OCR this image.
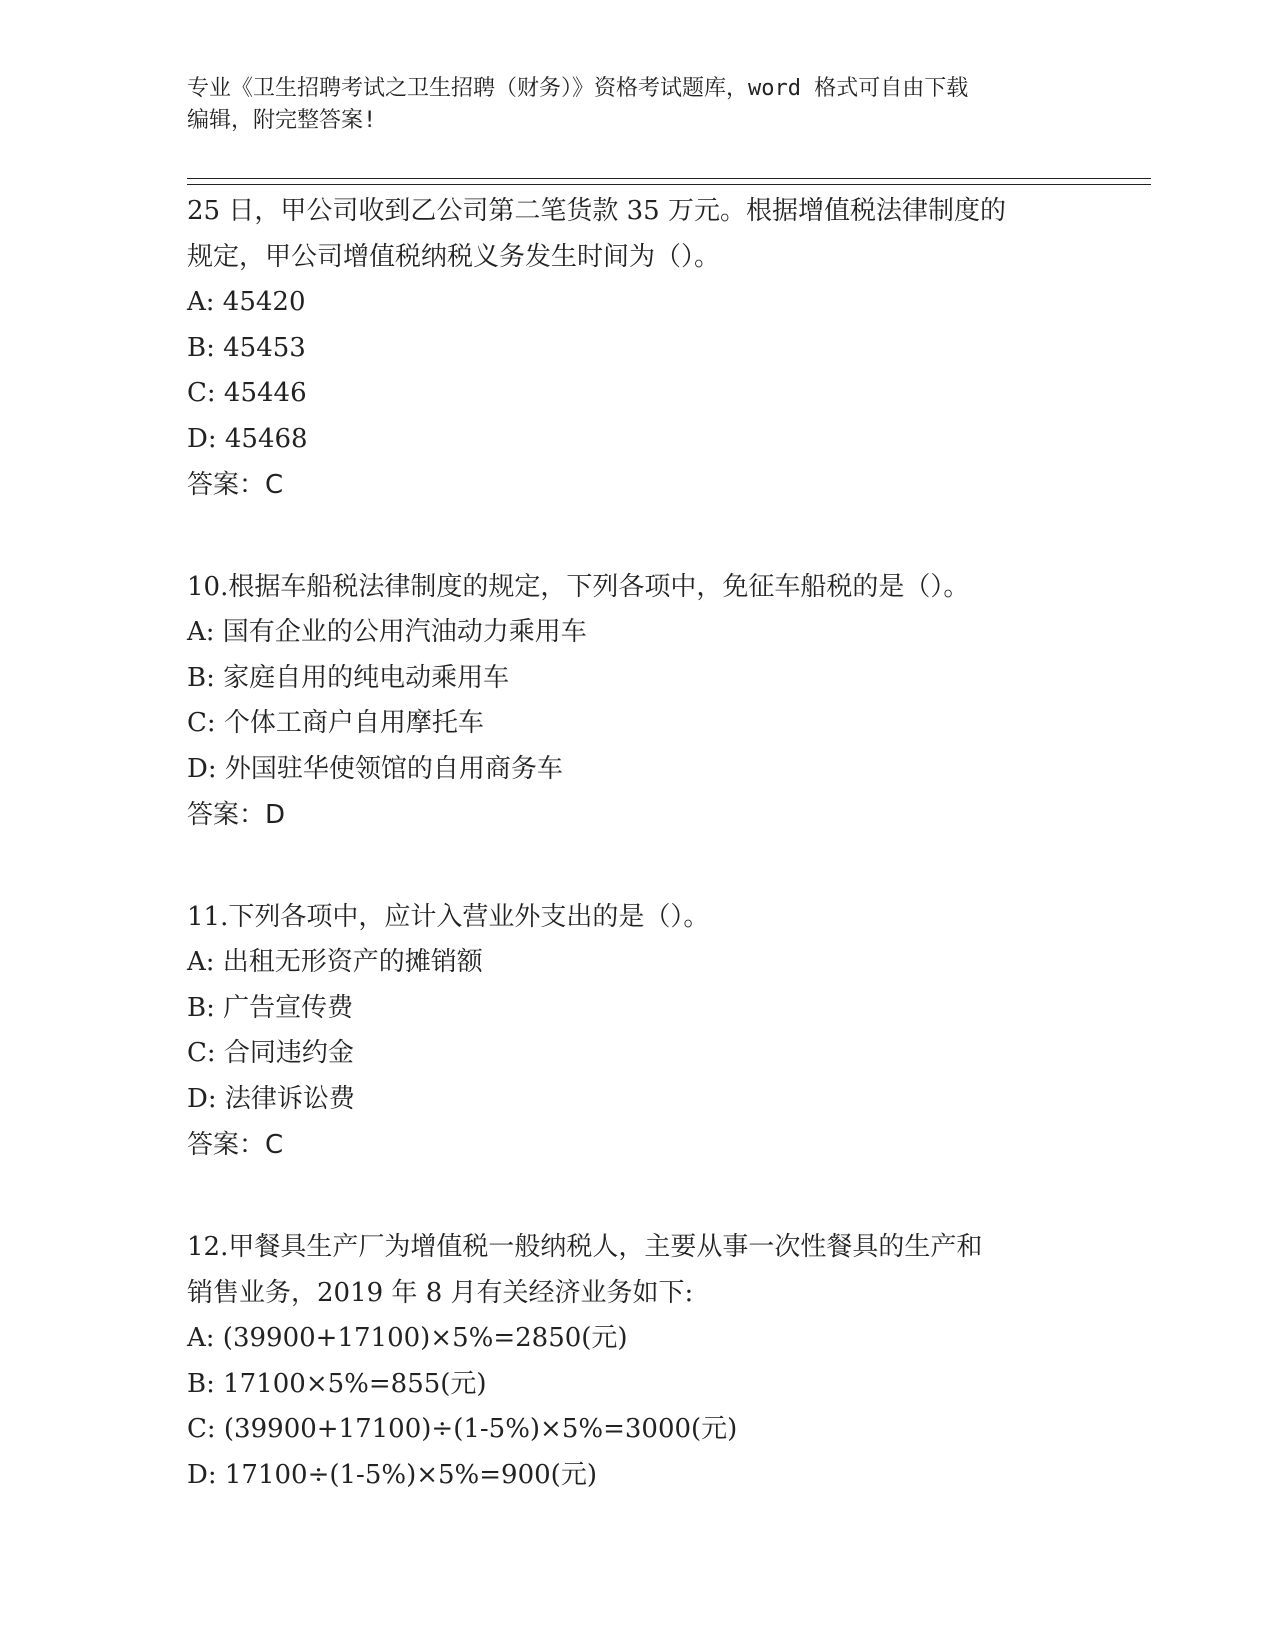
专业《卫生招聘考试之卫生招聘（财务）》资格考试题库，word 格式可自由下载
编辑，附完整答案!

25 日，甲公司收到乙公司第二笔货款 35 万元。根据增值税法律制度的

规定，甲公司增值税纳税义务发生时间为（）。

A: 45420

B: 45453

C: 45446

D: 45468

答案：C

10.根据车船税法律制度的规定，下列各项中，免征车船税的是（）。

A: 国有企业的公用汽油动力乘用车

B: 家庭自用的纯电动乘用车

C: 个体工商户自用摩托车

D: 外国驻华使领馆的自用商务车

答案：D

11.下列各项中，应计入营业外支出的是（）。

A: 出租无形资产的摊销额

B: 广告宣传费

C: 合同违约金

D: 法律诉讼费

答案：C

12.甲餐具生产厂为增值税一般纳税人，主要从事一次性餐具的生产和

销售业务，2019 年 8 月有关经济业务如下:

A: (39900+17100)×5%=2850(元)

B: 17100×5%=855(元)

C: (39900+17100)÷(1-5%)×5%=3000(元)

D: 17100÷(1-5%)×5%=900(元)
